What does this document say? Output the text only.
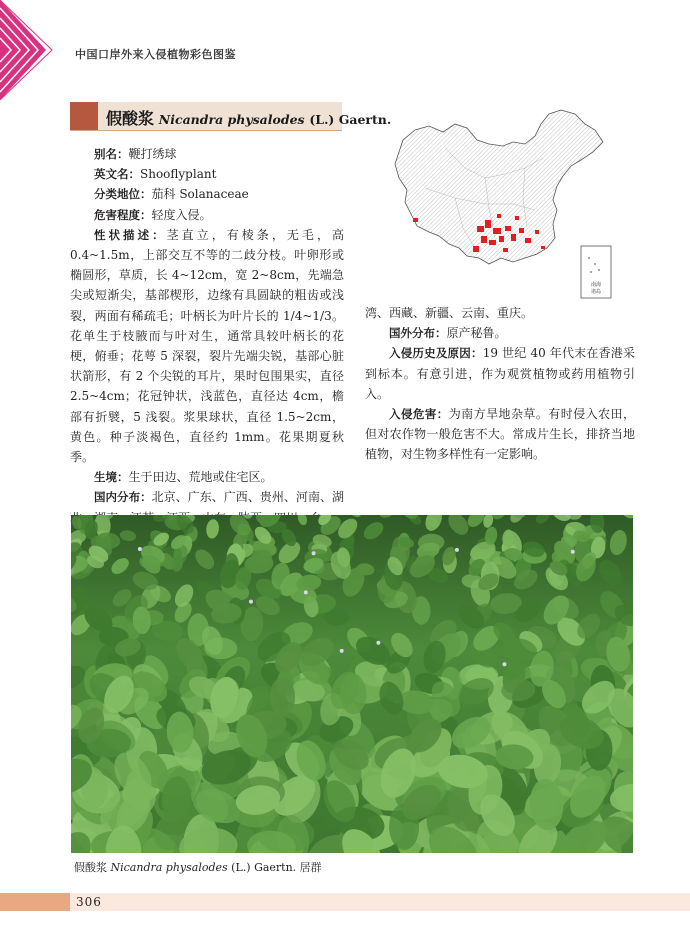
中国口岸外来入侵植物彩色图鉴
假酸浆 Nicandra physalodes (L.) Gaertn.

别名：鞭打绣球

英文名：Shooflyplant

分类地位：茄科 Solanaceae

危害程度：轻度入侵。

性状描述：茎直立，有棱条，无毛，高 0.4~1.5m，上部交互不等的二歧分枝。叶卵形或椭圆形，草质，长 4~12cm，宽 2~8cm，先端急尖或短渐尖，基部楔形，边缘有具圆缺的粗齿或浅裂，两面有稀疏毛；叶柄长为叶片长的 1/4~1/3。花单生于枝腋而与叶对生，通常具较叶柄长的花梗，俯垂；花萼 5 深裂，裂片先端尖锐，基部心脏状箭形，有 2 个尖锐的耳片，果时包围果实，直径 2.5~4cm；花冠钟状，浅蓝色，直径达 4cm，檐部有折襞，5 浅裂。浆果球状，直径 1.5~2cm，黄色。种子淡褐色，直径约 1mm。花果期夏秋季。

生境：生于田边、荒地或住宅区。

国内分布：北京、广东、广西、贵州、河南、湖

南海
诸岛

湾、西藏、新疆、云南、重庆。

国外分布：原产秘鲁。

入侵历史及原因：19 世纪 40 年代末在香港采到标本。有意引进，作为观赏植物或药用植物引入。

入侵危害：为南方旱地杂草。有时侵入农田，但对农作物一般危害不大。常成片生长，排挤当地植物，对生物多样性有一定影响。

假酸浆 Nicandra physalodes (L.) Gaertn. 居群
306
